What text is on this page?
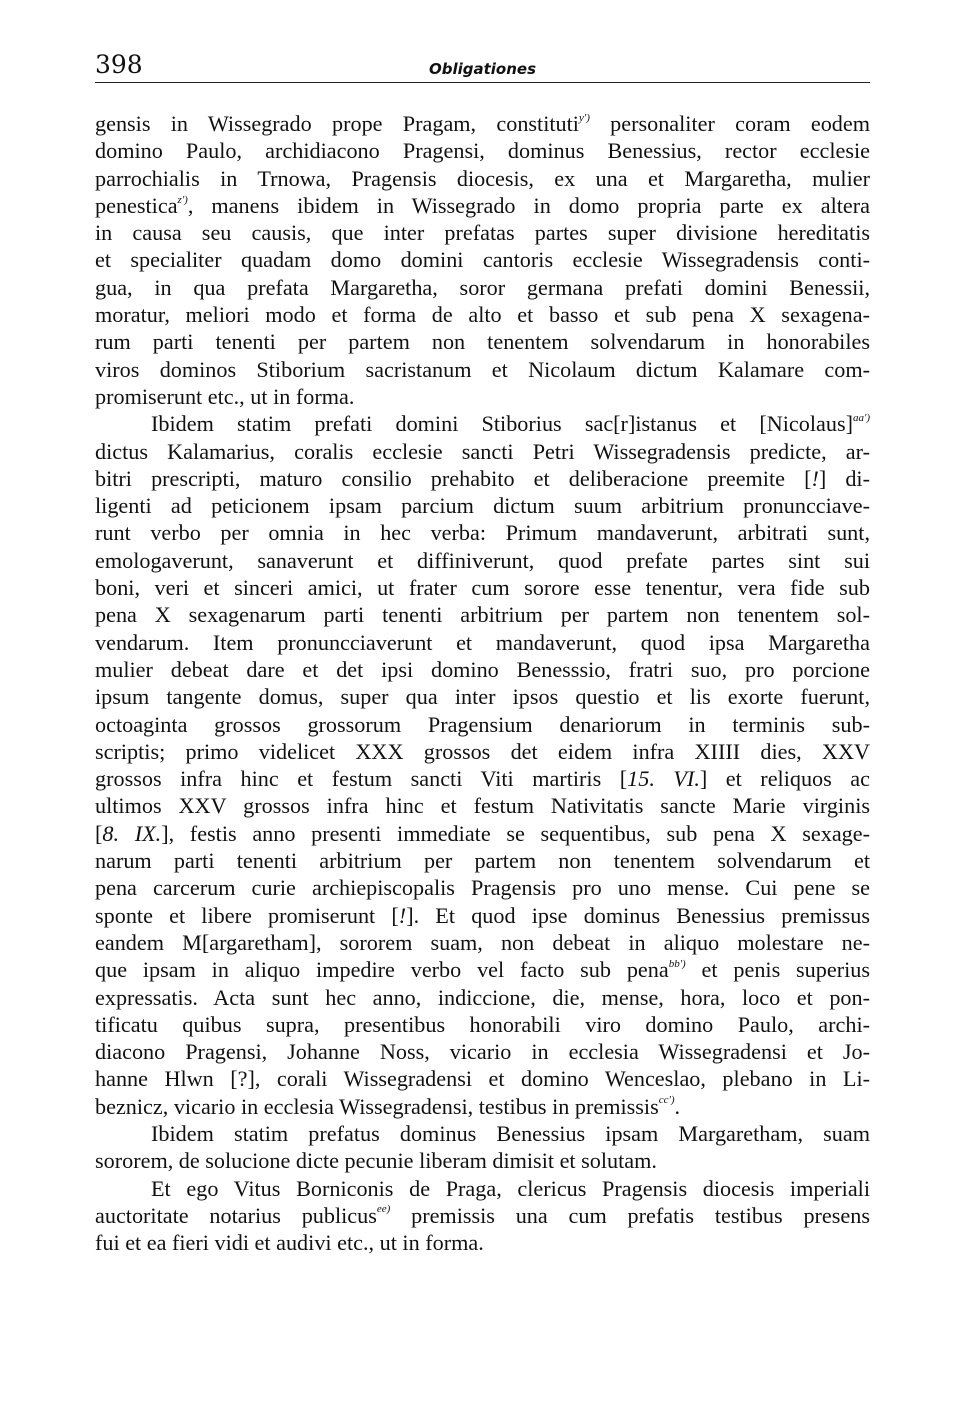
398	Obligationes
gensis in Wissegrado prope Pragam, constituti$^{y')}$ personaliter coram eodem
domino Paulo, archidiacono Pragensi, dominus Benessius, rector ecclesie
parrochialis in Trnowa, Pragensis diocesis, ex una et Margaretha, mulier
penestica$^{z')}$, manens ibidem in Wissegrado in domo propria parte ex altera
in causa seu causis, que inter prefatas partes super divisione hereditatis
et specialiter quadam domo domini cantoris ecclesie Wissegradensis conti-
gua, in qua prefata Margaretha, soror germana prefati domini Benessii,
moratur, meliori modo et forma de alto et basso et sub pena X sexagena-
rum parti tenenti per partem non tenentem solvendarum in honorabiles
viros dominos Stiborium sacristanum et Nicolaum dictum Kalamare com-
promiserunt etc., ut in forma.
Ibidem statim prefati domini Stiborius sac[r]istanus et [Nicolaus]$^{aa')}$
dictus Kalamarius, coralis ecclesie sancti Petri Wissegradensis predicte, ar-
bitri prescripti, maturo consilio prehabito et deliberacione preemite [!] di-
ligenti ad peticionem ipsam parcium dictum suum arbitrium pronuncciave-
runt verbo per omnia in hec verba: Primum mandaverunt, arbitrati sunt,
emologaverunt, sanaverunt et diffiniverunt, quod prefate partes sint sui
boni, veri et sinceri amici, ut frater cum sorore esse tenentur, vera fide sub
pena X sexagenarum parti tenenti arbitrium per partem non tenentem sol-
vendarum. Item pronuncciaverunt et mandaverunt, quod ipsa Margaretha
mulier debeat dare et det ipsi domino Benesssio, fratri suo, pro porcione
ipsum tangente domus, super qua inter ipsos questio et lis exorte fuerunt,
octoaginta grossos grossorum Pragensium denariorum in terminis sub-
scriptis; primo videlicet XXX grossos det eidem infra XIIII dies, XXV
grossos infra hinc et festum sancti Viti martiris [15. VI.] et reliquos ac
ultimos XXV grossos infra hinc et festum Nativitatis sancte Marie virginis
[8. IX.], festis anno presenti immediate se sequentibus, sub pena X sexage-
narum parti tenenti arbitrium per partem non tenentem solvendarum et
pena carcerum curie archiepiscopalis Pragensis pro uno mense. Cui pene se
sponte et libere promiserunt [!]. Et quod ipse dominus Benessius premissus
eandem M[argaretham], sororem suam, non debeat in aliquo molestare ne-
que ipsam in aliquo impedire verbo vel facto sub pena$^{bb')}$ et penis superius
expressatis. Acta sunt hec anno, indiccione, die, mense, hora, loco et pon-
tificatu quibus supra, presentibus honorabili viro domino Paulo, archi-
diacono Pragensi, Johanne Noss, vicario in ecclesia Wissegradensi et Jo-
hanne Hlwn [?], corali Wissegradensi et domino Wenceslao, plebano in Li-
beznicz, vicario in ecclesia Wissegradensi, testibus in premissis$^{cc')}$.
Ibidem statim prefatus dominus Benessius ipsam Margaretham, suam
sororem, de solucione dicte pecunie liberam dimisit et solutam.
Et ego Vitus Borniconis de Praga, clericus Pragensis diocesis imperiali
auctoritate notarius publicus$^{ee)}$ premissis una cum prefatis testibus presens
fui et ea fieri vidi et audivi etc., ut in forma.
